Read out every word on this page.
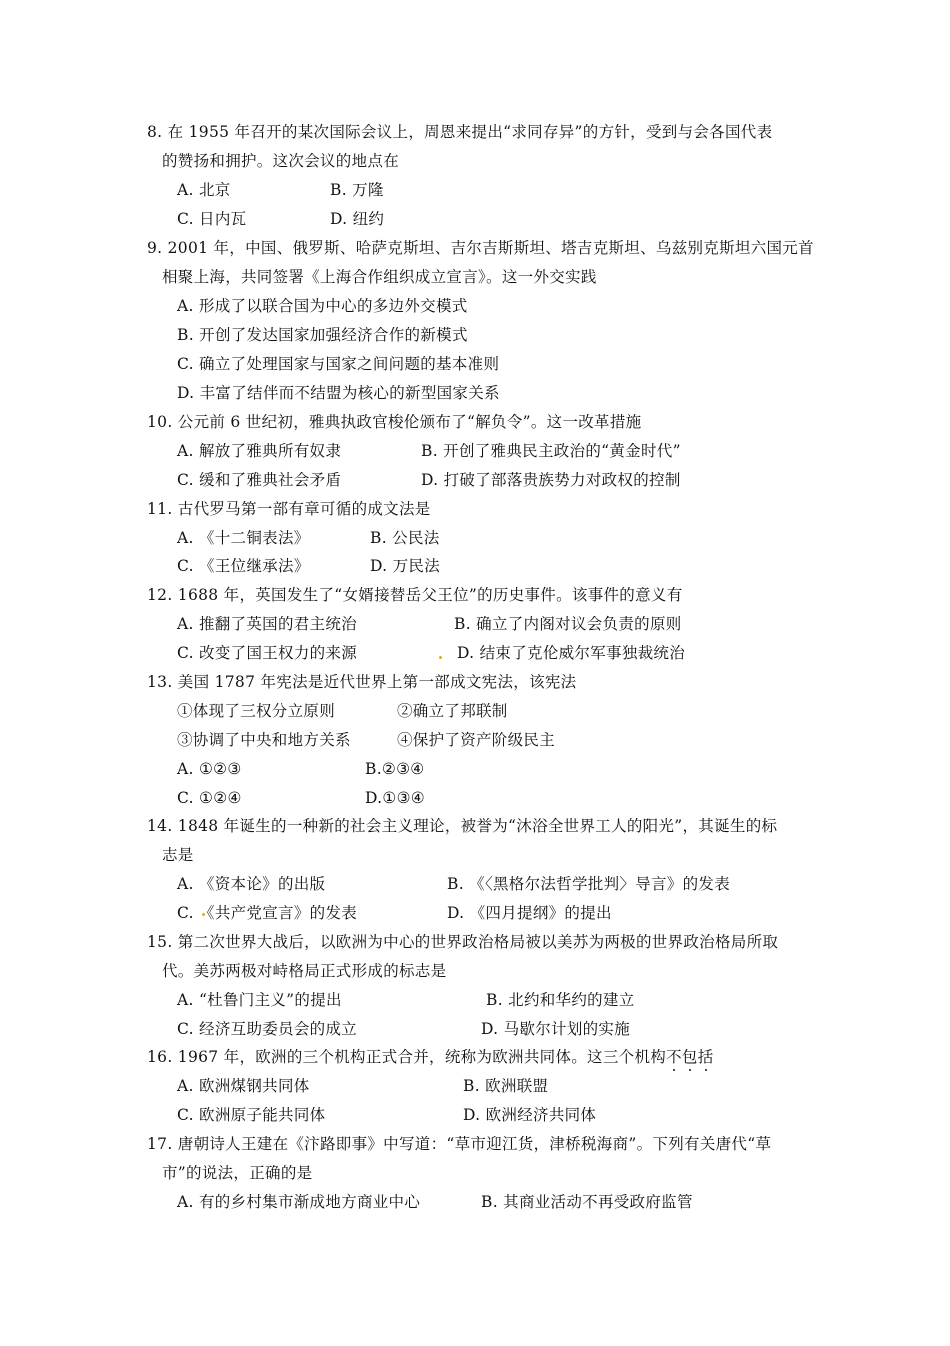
8. 在 1955 年召开的某次国际会议上，周恩来提出“求同存异”的方针，受到与会各国代表
的赞扬和拥护。这次会议的地点在
A. 北京	B. 万隆
C. 日内瓦	D. 纽约
9. 2001 年，中国、俄罗斯、哈萨克斯坦、吉尔吉斯斯坦、塔吉克斯坦、乌兹别克斯坦六国元首
相聚上海，共同签署《上海合作组织成立宣言》。这一外交实践
A. 形成了以联合国为中心的多边外交模式
B. 开创了发达国家加强经济合作的新模式
C. 确立了处理国家与国家之间问题的基本准则
D. 丰富了结伴而不结盟为核心的新型国家关系
10. 公元前 6 世纪初，雅典执政官梭伦颁布了“解负令”。这一改革措施
A. 解放了雅典所有奴隶	B. 开创了雅典民主政治的“黄金时代”
C. 缓和了雅典社会矛盾	D. 打破了部落贵族势力对政权的控制
11. 古代罗马第一部有章可循的成文法是
A. 《十二铜表法》	B. 公民法
C. 《王位继承法》	D. 万民法
12. 1688 年，英国发生了“女婿接替岳父王位”的历史事件。该事件的意义有
A. 推翻了英国的君主统治	B. 确立了内阁对议会负责的原则
C. 改变了国王权力的来源	D. 结束了克伦威尔军事独裁统治
13. 美国 1787 年宪法是近代世界上第一部成文宪法，该宪法
①体现了三权分立原则	②确立了邦联制
③协调了中央和地方关系	④保护了资产阶级民主
A. ①②③	B.②③④
C. ①②④	D.①③④
14. 1848 年诞生的一种新的社会主义理论，被誉为“沐浴全世界工人的阳光”，其诞生的标
志是
A. 《资本论》的出版	B. 《〈黑格尔法哲学批判〉导言》的发表
C. 《共产党宣言》的发表	D. 《四月提纲》的提出
15. 第二次世界大战后，以欧洲为中心的世界政治格局被以美苏为两极的世界政治格局所取
代。美苏两极对峙格局正式形成的标志是
A. “杜鲁门主义”的提出	B. 北约和华约的建立
C. 经济互助委员会的成立	D. 马歇尔计划的实施
16. 1967 年，欧洲的三个机构正式合并，统称为欧洲共同体。这三个机构不包括
A. 欧洲煤钢共同体	B. 欧洲联盟
C. 欧洲原子能共同体	D. 欧洲经济共同体
17. 唐朝诗人王建在《汴路即事》中写道：“草市迎江货，津桥税海商”。下列有关唐代“草
市”的说法，正确的是
A. 有的乡村集市渐成地方商业中心	B. 其商业活动不再受政府监管
